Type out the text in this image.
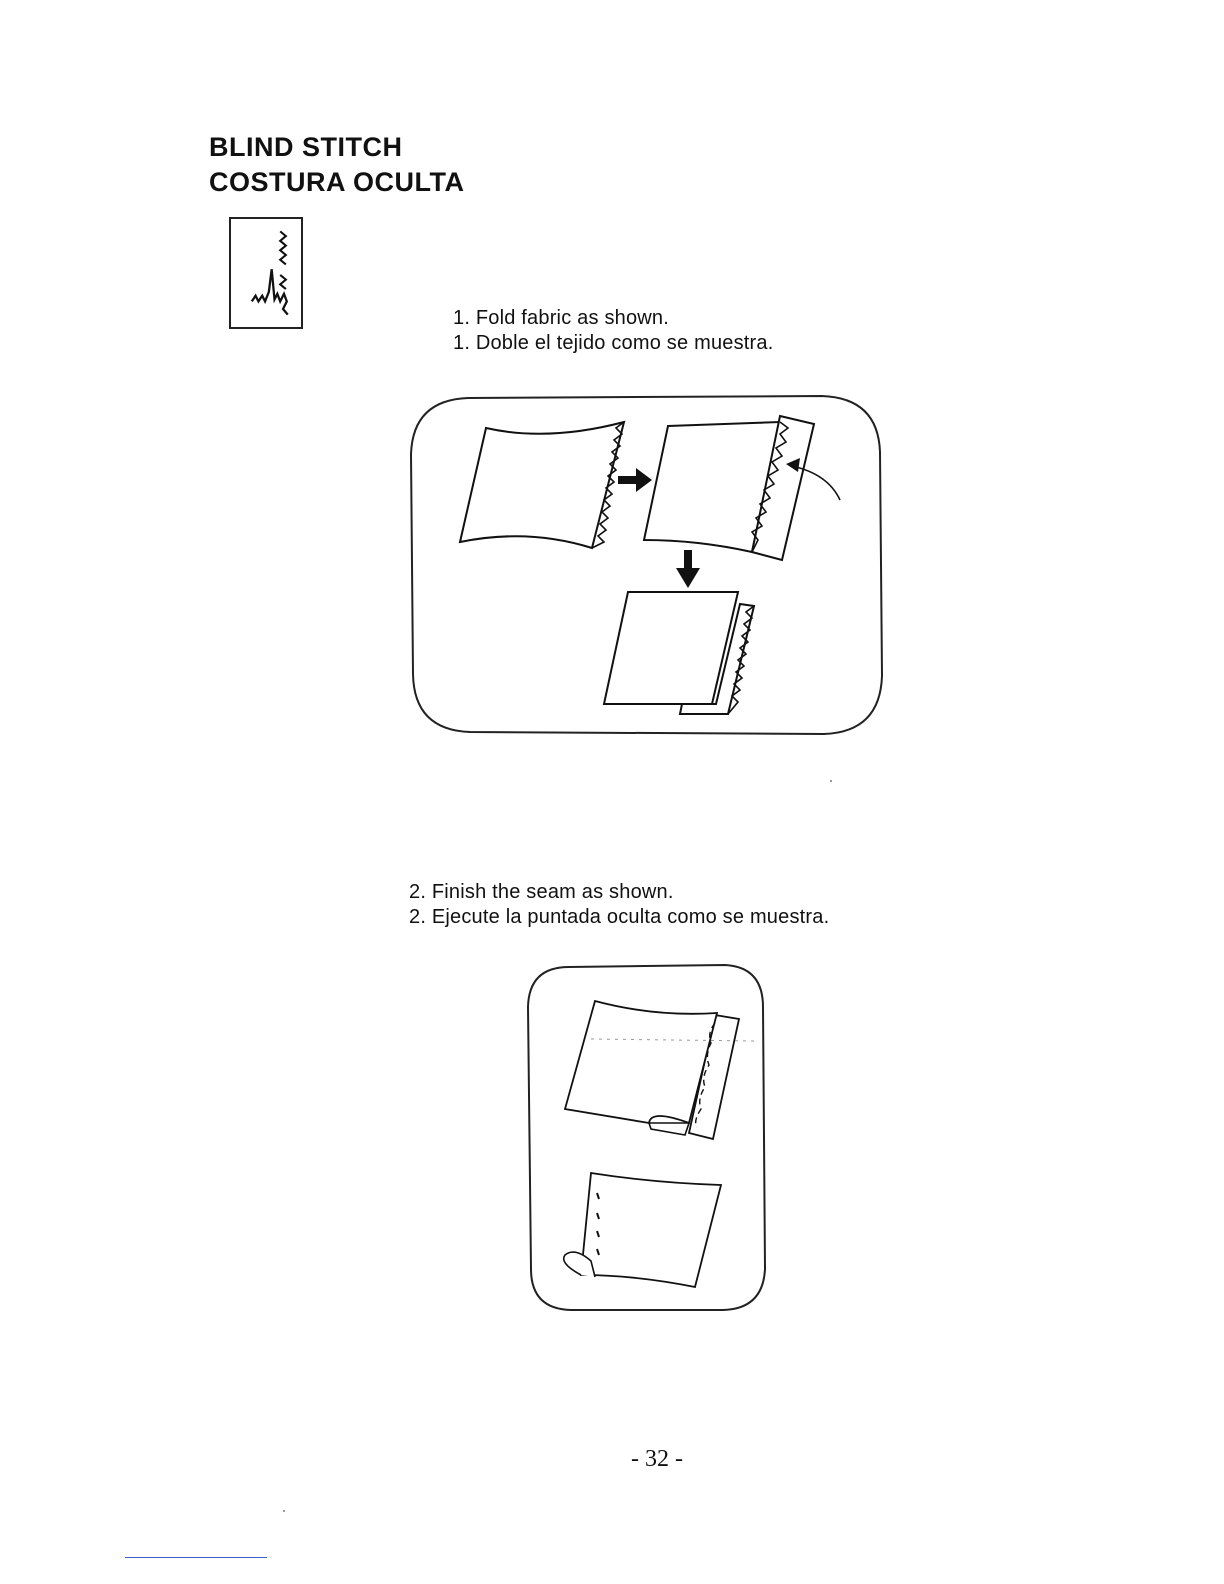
BLIND STITCH
COSTURA OCULTA
1. Fold fabric as shown.
1. Doble el tejido como se muestra.
2. Finish the seam as shown.
2. Ejecute la puntada oculta como se muestra.
- 32 -
